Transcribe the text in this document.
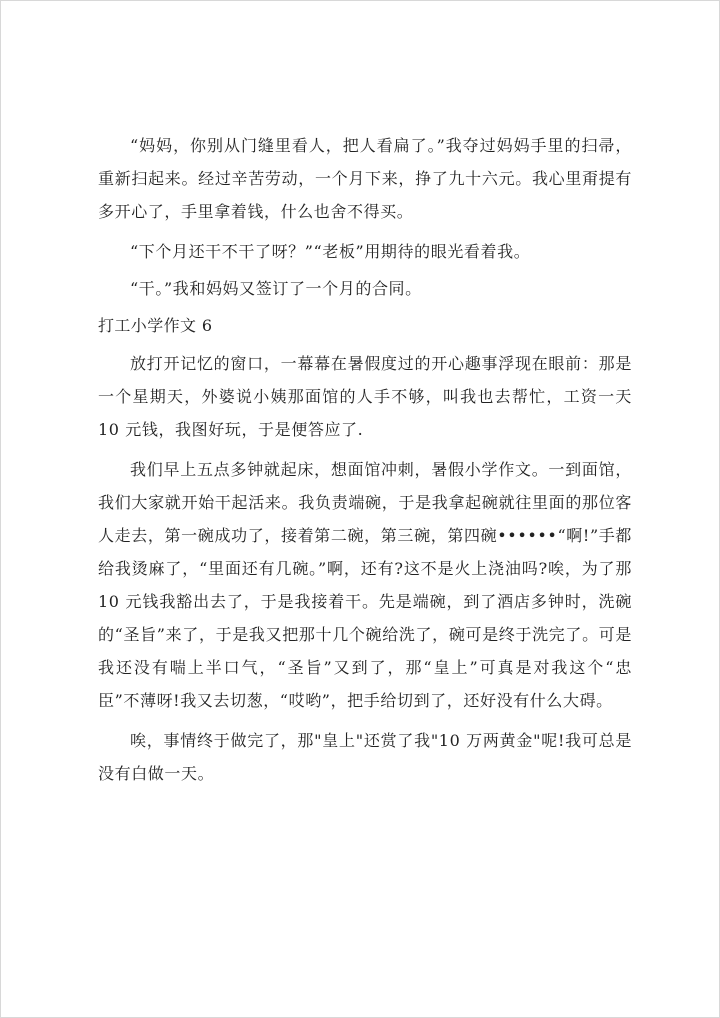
“妈妈，你别从门缝里看人，把人看扁了。”我夺过妈妈手里的扫帚，重新扫起来。经过辛苦劳动，一个月下来，挣了九十六元。我心里甭提有多开心了，手里拿着钱，什么也舍不得买。

“下个月还干不干了呀？”“老板”用期待的眼光看着我。

“干。”我和妈妈又签订了一个月的合同。

打工小学作文 6

放打开记忆的窗口，一幕幕在暑假度过的开心趣事浮现在眼前：那是一个星期天，外婆说小姨那面馆的人手不够，叫我也去帮忙，工资一天 10 元钱，我图好玩，于是便答应了.

我们早上五点多钟就起床，想面馆冲刺，暑假小学作文。一到面馆，我们大家就开始干起活来。我负责端碗，于是我拿起碗就往里面的那位客人走去，第一碗成功了，接着第二碗，第三碗，第四碗••••••“啊!”手都给我烫麻了，“里面还有几碗。”啊，还有?这不是火上浇油吗?唉，为了那 10 元钱我豁出去了，于是我接着干。先是端碗，到了酒店多钟时，洗碗的“圣旨”来了，于是我又把那十几个碗给洗了，碗可是终于洗完了。可是我还没有喘上半口气，“圣旨”又到了，那“皇上”可真是对我这个“忠臣”不薄呀!我又去切葱，“哎哟”，把手给切到了，还好没有什么大碍。

唉，事情终于做完了，那"皇上"还赏了我"10 万两黄金"呢!我可总是没有白做一天。
